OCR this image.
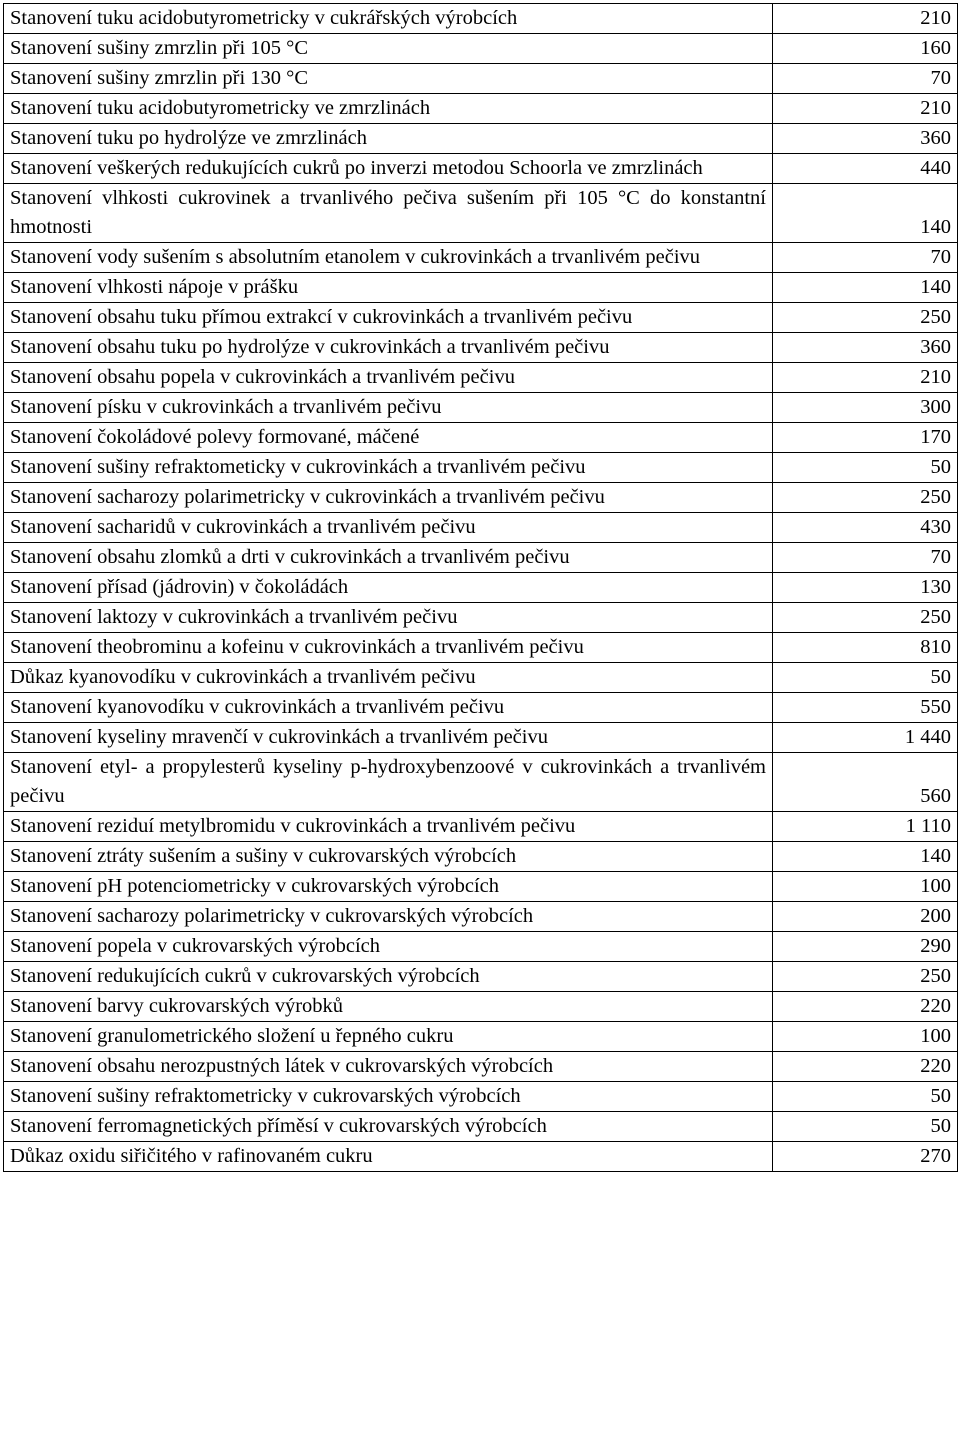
Stanovení tuku acidobutyrometricky v cukrářských výrobcích	210
Stanovení sušiny zmrzlin při 105 °C	160
Stanovení sušiny zmrzlin při 130 °C	70
Stanovení tuku acidobutyrometricky ve zmrzlinách	210
Stanovení tuku po hydrolýze ve zmrzlinách	360
Stanovení veškerých redukujících cukrů po inverzi metodou Schoorla ve zmrzlinách	440
Stanovení vlhkosti cukrovinek a trvanlivého pečiva sušením při 105 °C do konstantní hmotnosti	140
Stanovení vody sušením s absolutním etanolem v cukrovinkách a trvanlivém pečivu	70
Stanovení vlhkosti nápoje v prášku	140
Stanovení obsahu tuku přímou extrakcí v cukrovinkách a trvanlivém pečivu	250
Stanovení obsahu tuku po hydrolýze v cukrovinkách a trvanlivém pečivu	360
Stanovení obsahu popela v cukrovinkách a trvanlivém pečivu	210
Stanovení písku v cukrovinkách a trvanlivém pečivu	300
Stanovení čokoládové polevy formované, máčené	170
Stanovení sušiny refraktometicky v cukrovinkách a trvanlivém pečivu	50
Stanovení sacharozy polarimetricky v cukrovinkách a trvanlivém pečivu	250
Stanovení sacharidů v cukrovinkách a trvanlivém pečivu	430
Stanovení obsahu zlomků a drti v cukrovinkách a trvanlivém pečivu	70
Stanovení přísad (jádrovin) v čokoládách	130
Stanovení laktozy v cukrovinkách a trvanlivém pečivu	250
Stanovení theobrominu a kofeinu v cukrovinkách a trvanlivém pečivu	810
Důkaz kyanovodíku v cukrovinkách a trvanlivém pečivu	50
Stanovení kyanovodíku v cukrovinkách a trvanlivém pečivu	550
Stanovení kyseliny mravenčí v cukrovinkách a trvanlivém pečivu	1 440
Stanovení etyl- a propylesterů kyseliny p-hydroxybenzoové v cukrovinkách a trvanlivém pečivu	560
Stanovení reziduí metylbromidu v cukrovinkách a trvanlivém pečivu	1 110
Stanovení ztráty sušením a sušiny v cukrovarských výrobcích	140
Stanovení pH potenciometricky v cukrovarských výrobcích	100
Stanovení sacharozy polarimetricky v cukrovarských výrobcích	200
Stanovení popela v cukrovarských výrobcích	290
Stanovení redukujících cukrů v cukrovarských výrobcích	250
Stanovení barvy cukrovarských výrobků	220
Stanovení granulometrického složení u řepného cukru	100
Stanovení obsahu nerozpustných látek v cukrovarských výrobcích	220
Stanovení sušiny refraktometricky v cukrovarských výrobcích	50
Stanovení ferromagnetických příměsí v cukrovarských výrobcích	50
Důkaz oxidu siřičitého v rafinovaném cukru	270
